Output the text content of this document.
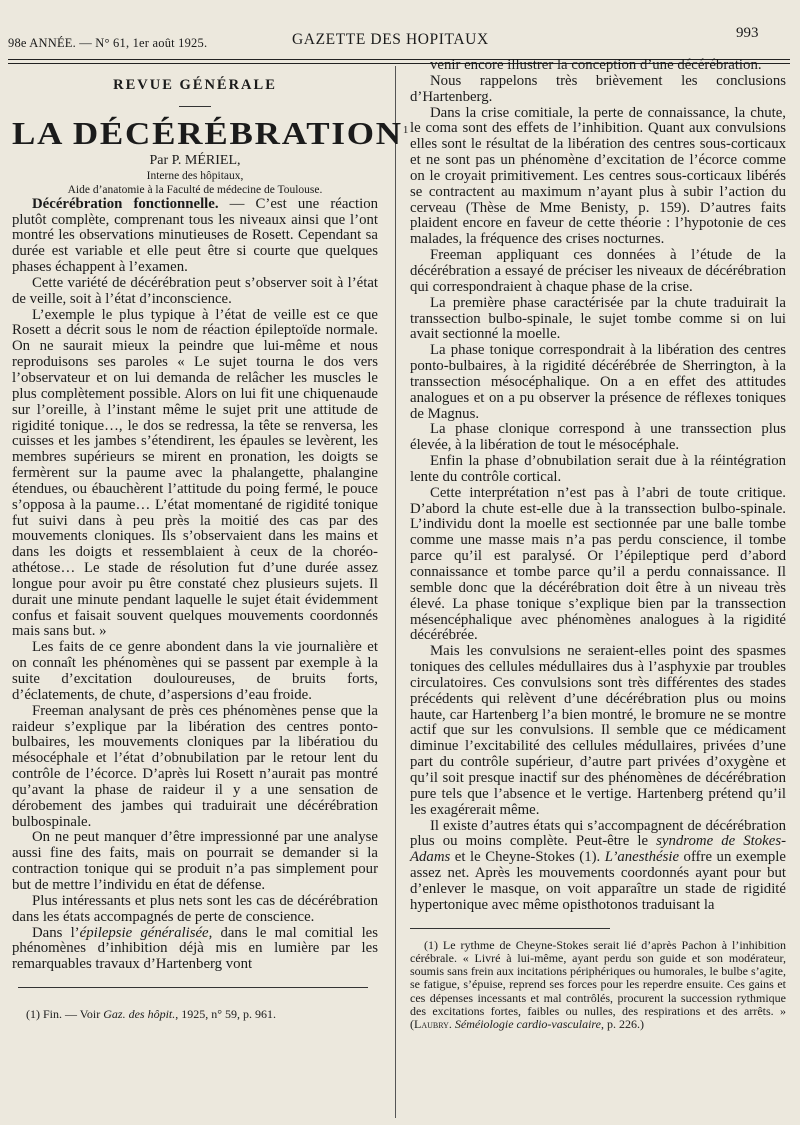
98e ANNÉE. — N° 61, 1er août 1925.	GAZETTE DES HOPITAUX	993

REVUE GÉNÉRALE

LA DÉCÉRÉBRATION$^1$

Par P. MÉRIEL,

Interne des hôpitaux,

Aide d’anatomie à la Faculté de médecine de Toulouse.

Décérébration fonctionnelle. — C’est une réaction plutôt complète, comprenant tous les niveaux ainsi que l’ont montré les observations minutieuses de Rosett. Cependant sa durée est variable et elle peut être si courte que quelques phases échappent à l’examen.

Cette variété de décérébration peut s’observer soit à l’état de veille, soit à l’état d’inconscience.

L’exemple le plus typique à l’état de veille est ce que Rosett a décrit sous le nom de réaction épileptoïde normale. On ne saurait mieux la peindre que lui-même et nous reproduisons ses paroles « Le sujet tourna le dos vers l’observateur et on lui demanda de relâcher les muscles le plus complètement possible. Alors on lui fit une chiquenaude sur l’oreille, à l’instant même le sujet prit une attitude de rigidité tonique…, le dos se redressa, la tête se renversa, les cuisses et les jambes s’étendirent, les épaules se levèrent, les membres supérieurs se mirent en pronation, les doigts se fermèrent sur la paume avec la phalangette, phalangine étendues, ou ébauchèrent l’attitude du poing fermé, le pouce s’opposa à la paume… L’état momentané de rigidité tonique fut suivi dans à peu près la moitié des cas par des mouvements cloniques. Ils s’observaient dans les mains et dans les doigts et ressemblaient à ceux de la choréo-athétose… Le stade de résolution fut d’une durée assez longue pour avoir pu être constaté chez plusieurs sujets. Il durait une minute pendant laquelle le sujet était évidemment confus et faisait souvent quelques mouvements coordonnés mais sans but. »

Les faits de ce genre abondent dans la vie journalière et on connaît les phénomènes qui se passent par exemple à la suite d’excitation douloureuses, de bruits forts, d’éclatements, de chute, d’aspersions d’eau froide.

Freeman analysant de près ces phénomènes pense que la raideur s’explique par la libération des centres ponto-bulbaires, les mouvements cloniques par la libératiou du mésocéphale et l’état d’obnubilation par le retour lent du contrôle de l’écorce. D’après lui Rosett n’aurait pas montré qu’avant la phase de raideur il y a une sensation de dérobement des jambes qui traduirait une décérébration bulbospinale.

On ne peut manquer d’être impressionné par une analyse aussi fine des faits, mais on pourrait se demander si la contraction tonique qui se produit n’a pas simplement pour but de mettre l’individu en état de défense.

Plus intéressants et plus nets sont les cas de décérébration dans les états accompagnés de perte de conscience.

Dans l’épilepsie généralisée, dans le mal comitial les phénomènes d’inhibition déjà mis en lumière par les remarquables travaux d’Hartenberg vont

(1) Fin. — Voir Gaz. des hôpit., 1925, n° 59, p. 961.

venir encore illustrer la conception d’une décérébration.

Nous rappelons très brièvement les conclusions d’Hartenberg.

Dans la crise comitiale, la perte de connaissance, la chute, le coma sont des effets de l’inhibition. Quant aux convulsions elles sont le résultat de la libération des centres sous-corticaux et ne sont pas un phénomène d’excitation de l’écorce comme on le croyait primitivement. Les centres sous-corticaux libérés se contractent au maximum n’ayant plus à subir l’action du cerveau (Thèse de Mme Benisty, p. 159). D’autres faits plaident encore en faveur de cette théorie : l’hypotonie de ces malades, la fréquence des crises nocturnes.

Freeman appliquant ces données à l’étude de la décérébration a essayé de préciser les niveaux de décérébration qui correspondraient à chaque phase de la crise.

La première phase caractérisée par la chute traduirait la transsection bulbo-spinale, le sujet tombe comme si on lui avait sectionné la moelle.

La phase tonique correspondrait à la libération des centres ponto-bulbaires, à la rigidité décérébrée de Sherrington, à la transsection mésocéphalique. On a en effet des attitudes analogues et on a pu observer la présence de réflexes toniques de Magnus.

La phase clonique correspond à une transsection plus élevée, à la libération de tout le mésocéphale.

Enfin la phase d’obnubilation serait due à la réintégration lente du contrôle cortical.

Cette interprétation n’est pas à l’abri de toute critique. D’abord la chute est-elle due à la transsection bulbo-spinale. L’individu dont la moelle est sectionnée par une balle tombe comme une masse mais n’a pas perdu conscience, il tombe parce qu’il est paralysé. Or l’épileptique perd d’abord connaissance et tombe parce qu’il a perdu connaissance. Il semble donc que la décérébration doit être à un niveau très élevé. La phase tonique s’explique bien par la transsection mésencéphalique avec phénomènes analogues à la rigidité décérébrée.

Mais les convulsions ne seraient-elles point des spasmes toniques des cellules médullaires dus à l’asphyxie par troubles circulatoires. Ces convulsions sont très différentes des stades précédents qui relèvent d’une décérébration plus ou moins haute, car Hartenberg l’a bien montré, le bromure ne se montre actif que sur les convulsions. Il semble que ce médicament diminue l’excitabilité des cellules médullaires, privées d’une part du contrôle supérieur, d’autre part privées d’oxygène et qu’il soit presque inactif sur des phénomènes de décérébration pure tels que l’absence et le vertige. Hartenberg prétend qu’il les exagérerait même.

Il existe d’autres états qui s’accompagnent de décérébration plus ou moins complète. Peut-être le syndrome de Stokes-Adams et le Cheyne-Stokes (1). L’anesthésie offre un exemple assez net. Après les mouvements coordonnés ayant pour but d’enlever le masque, on voit apparaître un stade de rigidité hypertonique avec même opisthotonos traduisant la

(1) Le rythme de Cheyne-Stokes serait lié d’après Pachon à l’inhibition cérébrale. « Livré à lui-même, ayant perdu son guide et son modérateur, soumis sans frein aux incitations périphériques ou humorales, le bulbe s’agite, se fatigue, s’épuise, reprend ses forces pour les reperdre ensuite. Ces gains et ces dépenses incessants et mal contrôlés, procurent la succession rythmique des excitations fortes, faibles ou nulles, des respirations et des arrêts. » (Laubry. Séméiologie cardio-vasculaire, p. 226.)
